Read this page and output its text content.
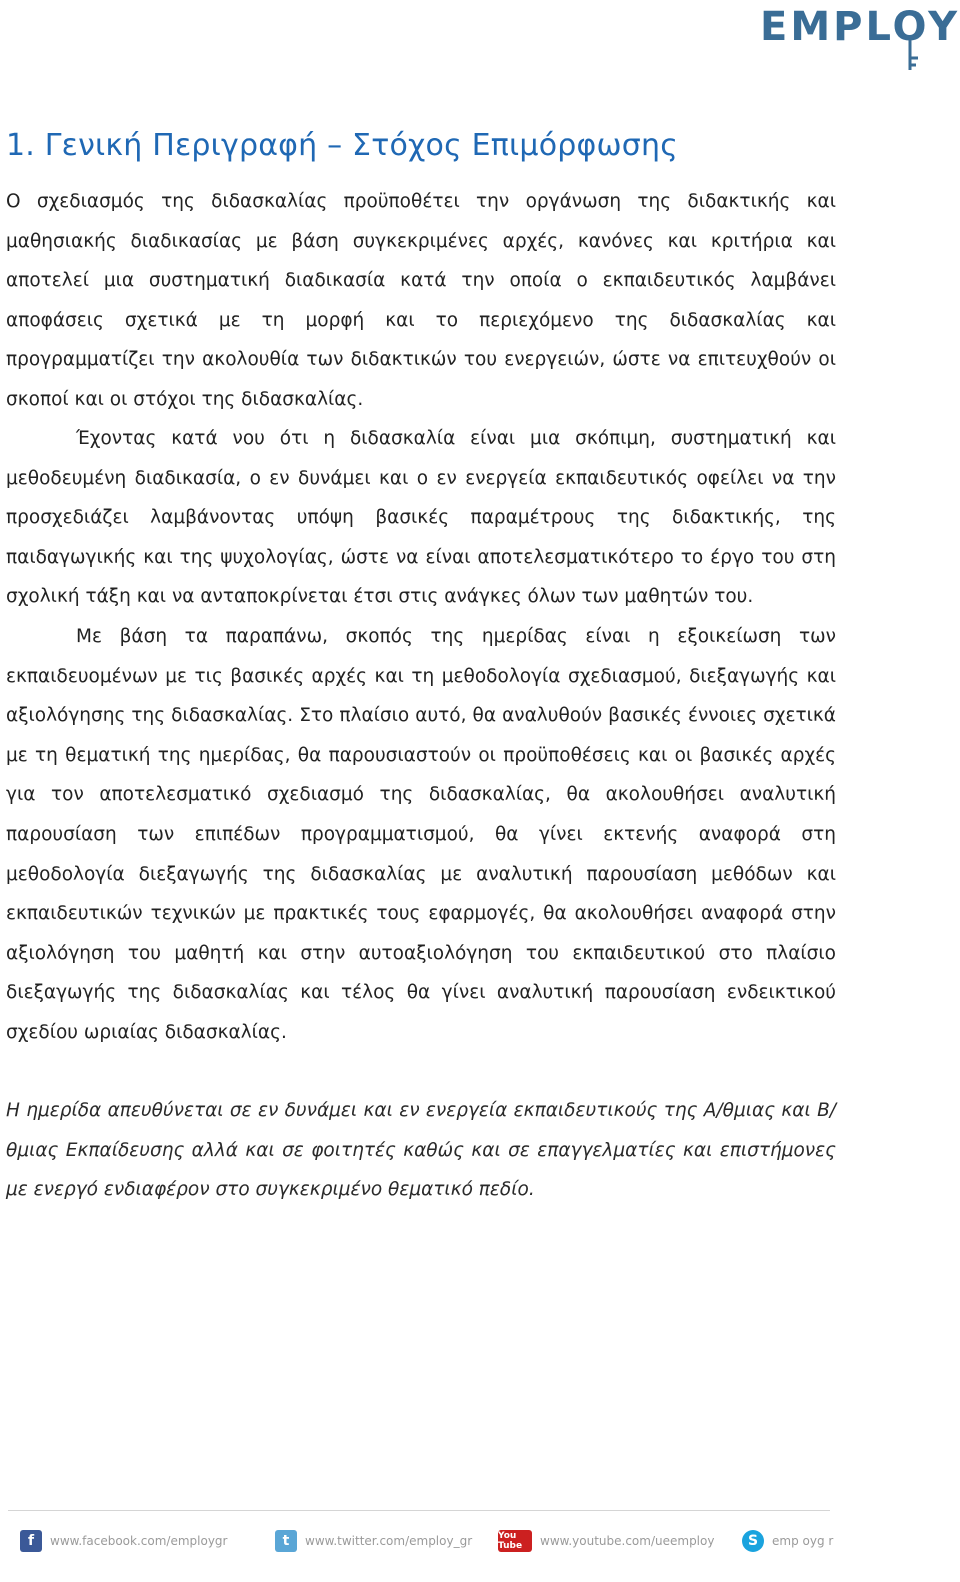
EMPLOY
1. Γενική Περιγραφή – Στόχος Επιμόρφωσης

Ο σχεδιασμός της διδασκαλίας προϋποθέτει την οργάνωση της διδακτικής και μαθησιακής διαδικασίας με βάση συγκεκριμένες αρχές, κανόνες και κριτήρια και αποτελεί μια συστηματική διαδικασία κατά την οποία ο εκπαιδευτικός λαμβάνει αποφάσεις σχετικά με τη μορφή και το περιεχόμενο της διδασκαλίας και προγραμματίζει την ακολουθία των διδακτικών του ενεργειών, ώστε να επιτευχθούν οι σκοποί και οι στόχοι της διδασκαλίας.

Έχοντας κατά νου ότι η διδασκαλία είναι μια σκόπιμη, συστηματική και μεθοδευμένη διαδικασία, ο εν δυνάμει και ο εν ενεργεία εκπαιδευτικός οφείλει να την προσχεδιάζει λαμβάνοντας υπόψη βασικές παραμέτρους της διδακτικής, της παιδαγωγικής και της ψυχολογίας, ώστε να είναι αποτελεσματικότερο το έργο του στη σχολική τάξη και να ανταποκρίνεται έτσι στις ανάγκες όλων των μαθητών του.

Με βάση τα παραπάνω, σκοπός της ημερίδας είναι η εξοικείωση των εκπαιδευομένων με τις βασικές αρχές και τη μεθοδολογία σχεδιασμού, διεξαγωγής και αξιολόγησης της διδασκαλίας. Στο πλαίσιο αυτό, θα αναλυθούν βασικές έννοιες σχετικά με τη θεματική της ημερίδας, θα παρουσιαστούν οι προϋποθέσεις και οι βασικές αρχές για τον αποτελεσματικό σχεδιασμό της διδασκαλίας, θα ακολουθήσει αναλυτική παρουσίαση των επιπέδων προγραμματισμού, θα γίνει εκτενής αναφορά στη μεθοδολογία διεξαγωγής της διδασκαλίας με αναλυτική παρουσίαση μεθόδων και εκπαιδευτικών τεχνικών με πρακτικές τους εφαρμογές, θα ακολουθήσει αναφορά στην αξιολόγηση του μαθητή και στην αυτοαξιολόγηση του εκπαιδευτικού στο πλαίσιο διεξαγωγής της διδασκαλίας και τέλος θα γίνει αναλυτική παρουσίαση ενδεικτικού σχεδίου ωριαίας διδασκαλίας.

Η ημερίδα απευθύνεται σε εν δυνάμει και εν ενεργεία εκπαιδευτικούς της Α/θμιας και Β/θμιας Εκπαίδευσης αλλά και σε φοιτητές καθώς και σε επαγγελματίες και επιστήμονες με ενεργό ενδιαφέρον στο συγκεκριμένο θεματικό πεδίο.

f	www.facebook.com/employgr	t	www.twitter.com/employ_gr	You Tube	www.youtube.com/ueemploy	S	emp oyg r
